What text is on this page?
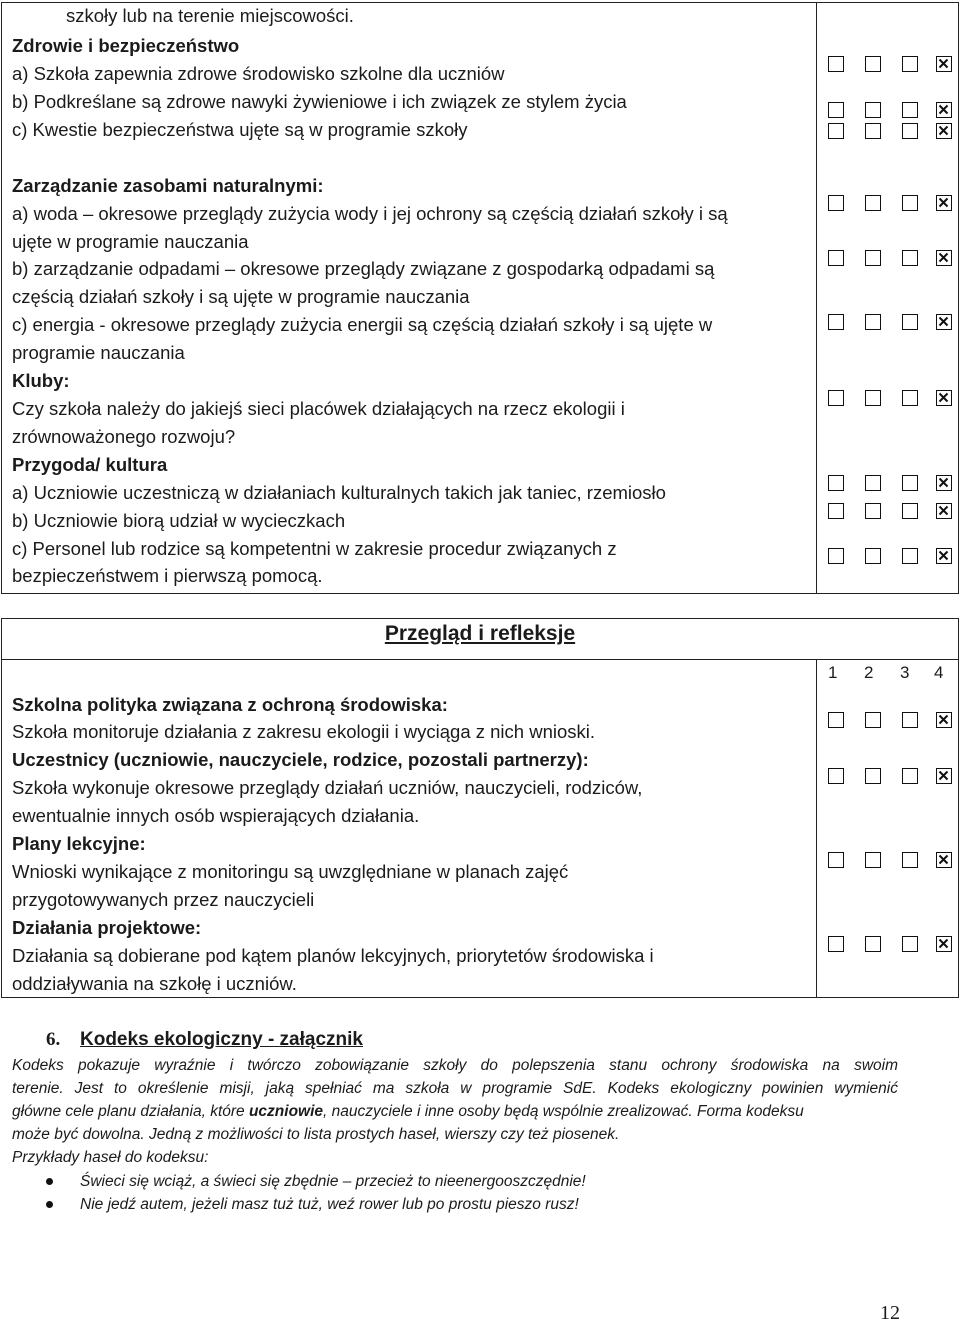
szkoły lub na terenie miejscowości.
Zdrowie i bezpieczeństwo
a) Szkoła zapewnia zdrowe środowisko szkolne dla uczniów
b) Podkreślane są zdrowe nawyki żywieniowe i ich związek ze stylem życia
c) Kwestie bezpieczeństwa ujęte są w programie szkoły
Zarządzanie zasobami naturalnymi:
a) woda – okresowe przeglądy zużycia wody i jej ochrony są częścią działań szkoły i są
ujęte w programie nauczania
b) zarządzanie odpadami – okresowe przeglądy związane z gospodarką odpadami są
częścią działań szkoły i są ujęte w programie nauczania
c) energia - okresowe przeglądy zużycia energii są częścią działań szkoły i są ujęte w
programie nauczania
Kluby:
Czy szkoła należy do jakiejś sieci placówek działających na rzecz ekologii i
zrównoważonego rozwoju?
Przygoda/ kultura
a) Uczniowie uczestniczą w działaniach kulturalnych takich jak taniec, rzemiosło
b) Uczniowie biorą udział w wycieczkach
c) Personel lub rodzice są kompetentni w zakresie procedur związanych z
bezpieczeństwem i pierwszą pomocą.
Przegląd i refleksje
1 2 3 4
Szkolna polityka związana z ochroną środowiska:
Szkoła monitoruje działania z zakresu ekologii i wyciąga z nich wnioski.
Uczestnicy (uczniowie, nauczyciele, rodzice, pozostali partnerzy):
Szkoła wykonuje okresowe przeglądy działań uczniów, nauczycieli, rodziców,
ewentualnie innych osób wspierających działania.
Plany lekcyjne:
Wnioski wynikające z monitoringu są uwzględniane w planach zajęć
przygotowywanych przez nauczycieli
Działania projektowe:
Działania są dobierane pod kątem planów lekcyjnych, priorytetów środowiska i
oddziaływania na szkołę i uczniów.
6. Kodeks ekologiczny - załącznik
Kodeks pokazuje wyraźnie i twórczo zobowiązanie szkoły do polepszenia stanu ochrony środowiska na swoim
terenie. Jest to określenie misji, jaką spełniać ma szkoła w programie SdE. Kodeks ekologiczny powinien wymienić
główne cele planu działania, które uczniowie, nauczyciele i inne osoby będą wspólnie zrealizować. Forma kodeksu
może być dowolna. Jedną z możliwości to lista prostych haseł, wierszy czy też piosenek.
Przykłady haseł do kodeksu:
Świeci się wciąż, a świeci się zbędnie – przecież to nieenergooszczędnie!
Nie jedź autem, jeżeli masz tuż tuż, weź rower lub po prostu pieszo rusz!
12
